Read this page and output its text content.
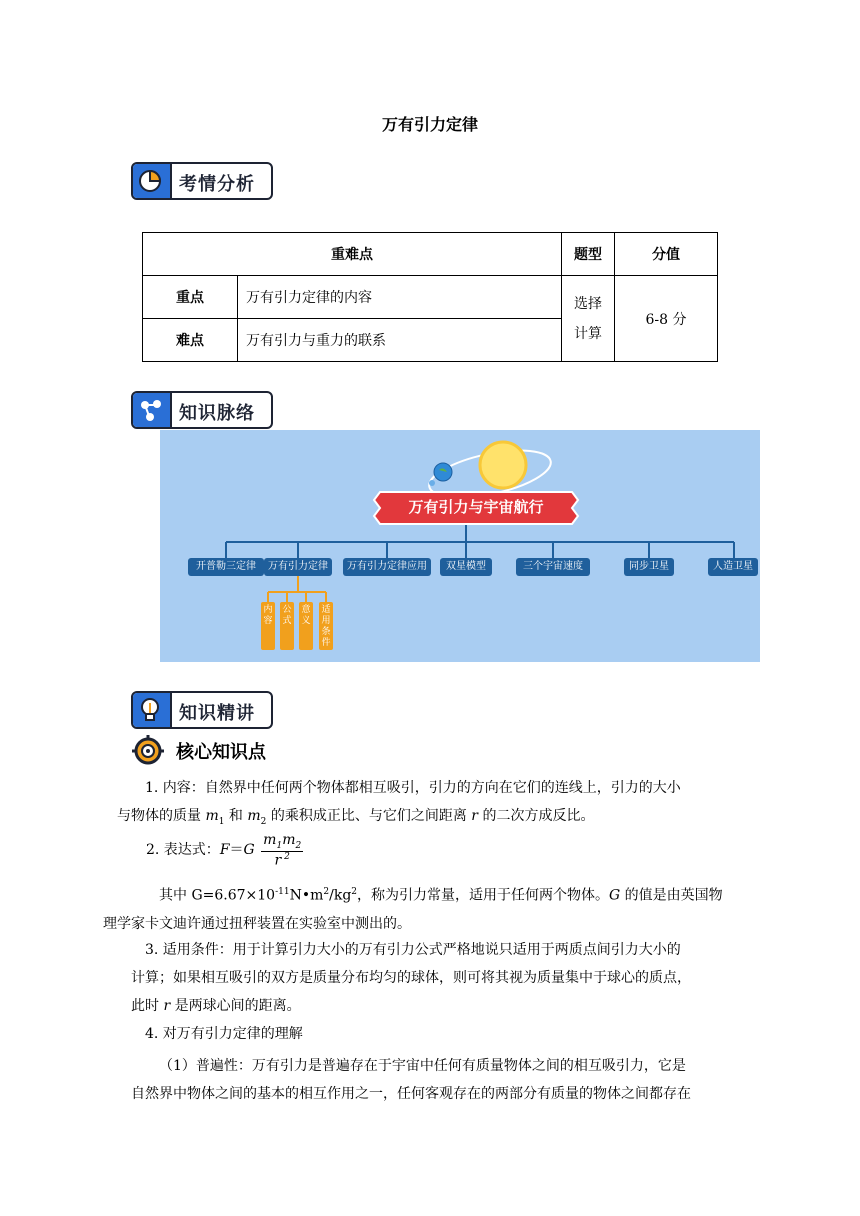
万有引力定律
考情分析
重难点		题型	分值
重点	万有引力定律的内容	选择
计算	6-8 分
难点	万有引力与重力的联系		
知识脉络
万有引力与宇宙航行
开普勒三定律	万有引力定律	万有引力定律应用	双星模型	三个宇宙速度	同步卫星	人造卫星
内容
公式
意义
适用条件
知识精讲
核心知识点
1. 内容：自然界中任何两个物体都相互吸引，引力的方向在它们的连线上，引力的大小
与物体的质量 $m_1$ 和 $m_2$ 的乘积成正比、与它们之间距离 r 的二次方成反比。
2. 表达式：$F=G \frac{m_1m_2}{r ^2}$
其中 $G=6.67\times 10^{-11}N•m^2/kg^2$，称为引力常量，适用于任何两个物体。G 的值是由英国物
理学家卡文迪许通过扭秤装置在实验室中测出的。
3. 适用条件：用于计算引力大小的万有引力公式严格地说只适用于两质点间引力大小的
计算；如果相互吸引的双方是质量分布均匀的球体，则可将其视为质量集中于球心的质点，
此时 r 是两球心间的距离。
4. 对万有引力定律的理解
（1）普遍性：万有引力是普遍存在于宇宙中任何有质量物体之间的相互吸引力，它是
自然界中物体之间的基本的相互作用之一，任何客观存在的两部分有质量的物体之间都存在
